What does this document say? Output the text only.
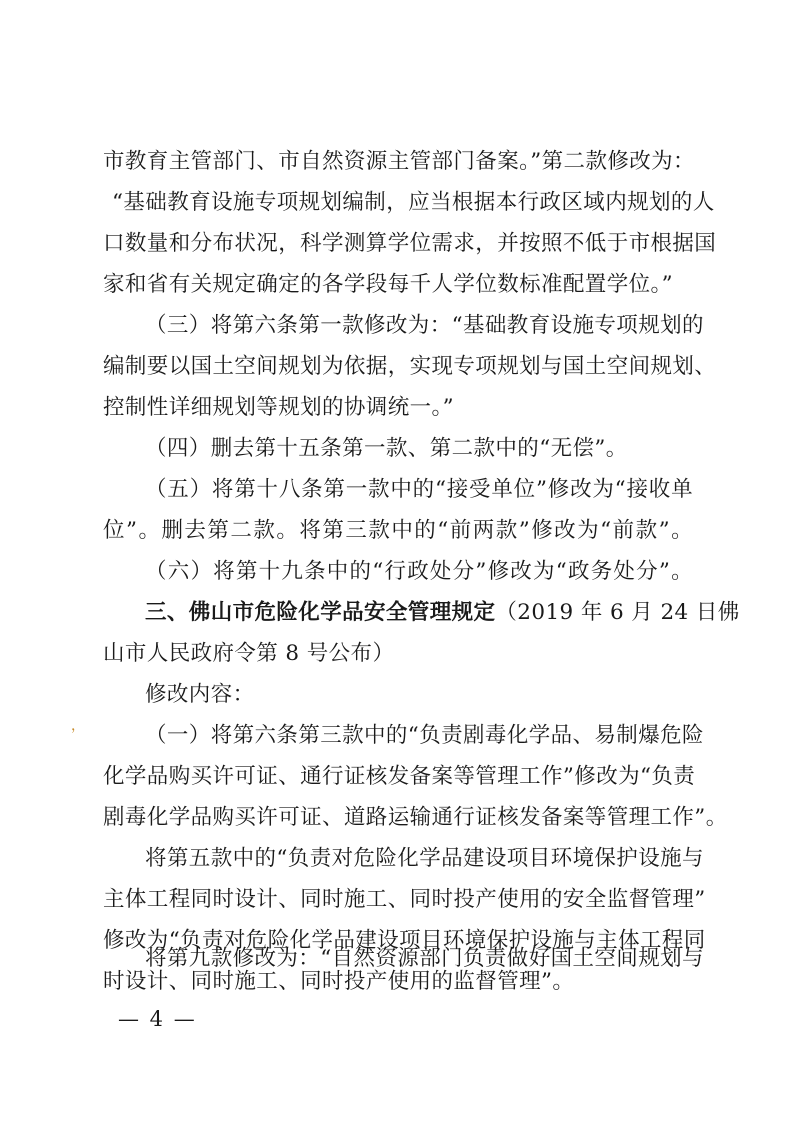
市教育主管部门、市自然资源主管部门备案。”第二款修改为：
“基础教育设施专项规划编制，应当根据本行政区域内规划的人
口数量和分布状况，科学测算学位需求，并按照不低于市根据国
家和省有关规定确定的各学段每千人学位数标准配置学位。”
（三）将第六条第一款修改为：“基础教育设施专项规划的
编制要以国土空间规划为依据，实现专项规划与国土空间规划、
控制性详细规划等规划的协调统一。”
（四）删去第十五条第一款、第二款中的“无偿”。
（五）将第十八条第一款中的“接受单位”修改为“接收单
位”。删去第二款。将第三款中的“前两款”修改为“前款”。
（六）将第十九条中的“行政处分”修改为“政务处分”。
三、佛山市危险化学品安全管理规定（2019 年 6 月 24 日佛
山市人民政府令第 8 号公布）
修改内容：
（一）将第六条第三款中的“负责剧毒化学品、易制爆危险
化学品购买许可证、通行证核发备案等管理工作”修改为“负责
剧毒化学品购买许可证、道路运输通行证核发备案等管理工作”。
将第五款中的“负责对危险化学品建设项目环境保护设施与
主体工程同时设计、同时施工、同时投产使用的安全监督管理”
修改为“负责对危险化学品建设项目环境保护设施与主体工程同
时设计、同时施工、同时投产使用的监督管理”。
，
将第九款修改为：“自然资源部门负责做好国土空间规划与
— 4 —
